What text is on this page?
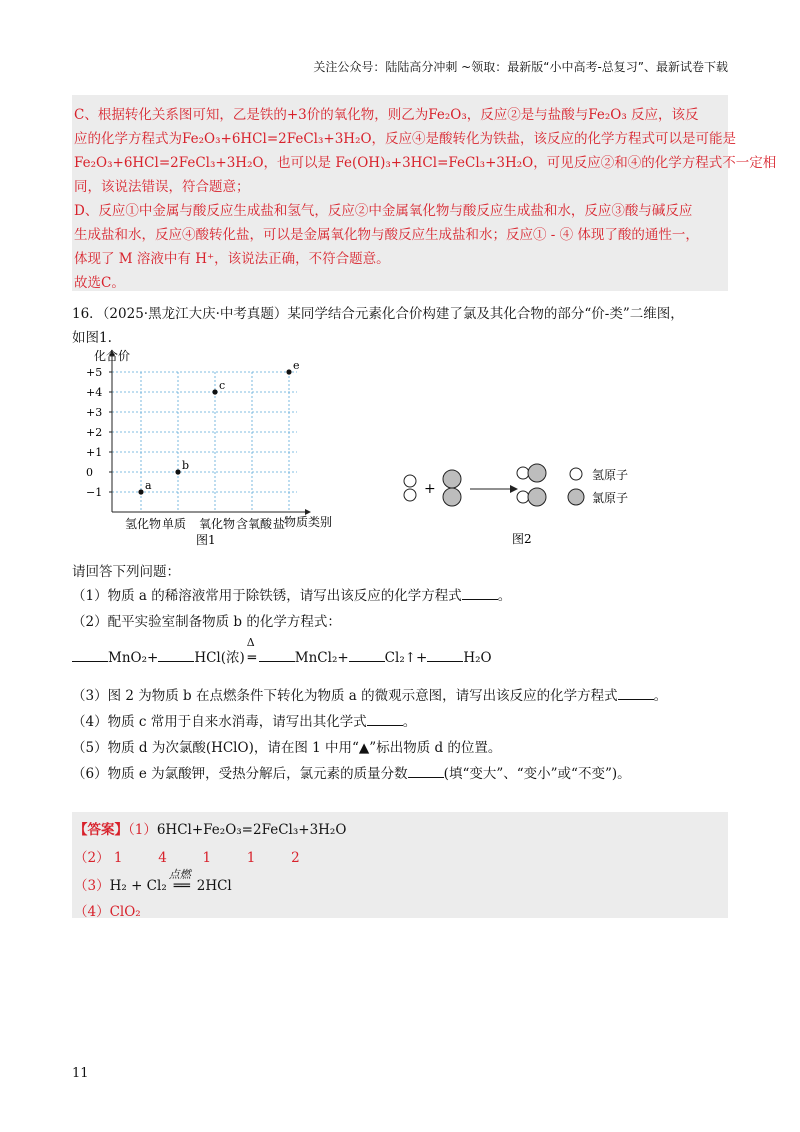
关注公众号：陆陆高分冲刺 ~领取：最新版“小中高考-总复习”、最新试卷下载
C、根据转化关系图可知，乙是铁的+3价的氧化物，则乙为Fe₂O₃，反应②是与盐酸与Fe₂O₃ 反应，该反
应的化学方程式为Fe₂O₃+6HCl=2FeCl₃+3H₂O，反应④是酸转化为铁盐，该反应的化学方程式可以是可能是
Fe₂O₃+6HCl=2FeCl₃+3H₂O，也可以是 Fe(OH)₃+3HCl=FeCl₃+3H₂O，可见反应②和④的化学方程式不一定相
同，该说法错误，符合题意；
D、反应①中金属与酸反应生成盐和氢气，反应②中金属氧化物与酸反应生成盐和水，反应③酸与碱反应
生成盐和水，反应④酸转化盐，可以是金属氧化物与酸反应生成盐和水；反应① - ④ 体现了酸的通性一，
体现了 M 溶液中有 H⁺，该说法正确，不符合题意。
故选C。
16．（2025·黑龙江大庆·中考真题）某同学结合元素化合价构建了氯及其化合物的部分“价-类”二维图，
如图1.
+5
+4
+3
+2
+1
0
−1
氢化物 单质 氧化物 含氧酸 盐
a
b
c
e
化合价
物质类别
图1
+
氢原子
氯原子
图2
请回答下列问题：
（1）物质 a 的稀溶液常用于除铁锈，请写出该反应的化学方程式	。
（2）配平实验室制备物质 b 的化学方程式：
MnO₂+	HCl(浓)
Δ
═	MnCl₂+	Cl₂↑+	H₂O
（3）图 2 为物质 b 在点燃条件下转化为物质 a 的微观示意图，请写出该反应的化学方程式	。
（4）物质 c 常用于自来水消毒，请写出其化学式	。
（5）物质 d 为次氯酸(HClO)，请在图 1 中用“▲”标出物质 d 的位置。
（6）物质 e 为氯酸钾，受热分解后，氯元素的质量分数	(填“变大”、“变小”或“不变”)。
【答案】（1）6HCl+Fe₂O₃=2FeCl₃+3H₂O
（2） 1	4	1	1	2
（3）H₂ + Cl₂
点燃
══ 2HCl
（4）ClO₂
11
